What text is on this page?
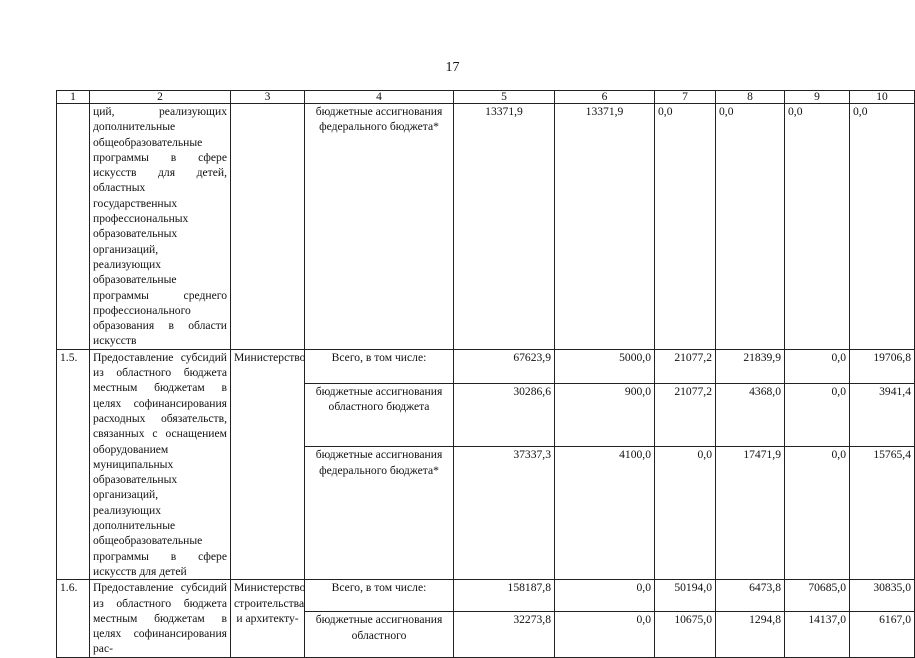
17
1	2	3	4	5	6	7	8	9	10
	ций, реализующих дополнительные общеобразовательные программы в сфере искусств для детей, областных государственных профессиональных образовательных организаций, реализующих образовательные программы среднего профессионального образования в области искусств		бюджетные ассигнования федерального бюджета*	13371,9	13371,9	0,0	0,0	0,0	0,0
1.5.	Предоставление субсидий из областного бюджета местным бюджетам в целях софинансирования расходных обязательств, связанных с оснащением оборудованием муниципальных образовательных организаций, реализующих дополнительные общеобразовательные программы в сфере искусств для детей	Министерство	Всего, в том числе:	67623,9	5000,0	21077,2	21839,9	0,0	19706,8
			бюджетные ассигнования областного бюджета	30286,6	900,0	21077,2	4368,0	0,0	3941,4
			бюджетные ассигнования федерального бюджета*	37337,3	4100,0	0,0	17471,9	0,0	15765,4
1.6.	Предоставление субсидий из областного бюджета местным бюджетам в целях софинансирования рас-	Министерство строительства и архитекту-	Всего, в том числе:	158187,8	0,0	50194,0	6473,8	70685,0	30835,0
			бюджетные ассигнования областного	32273,8	0,0	10675,0	1294,8	14137,0	6167,0
